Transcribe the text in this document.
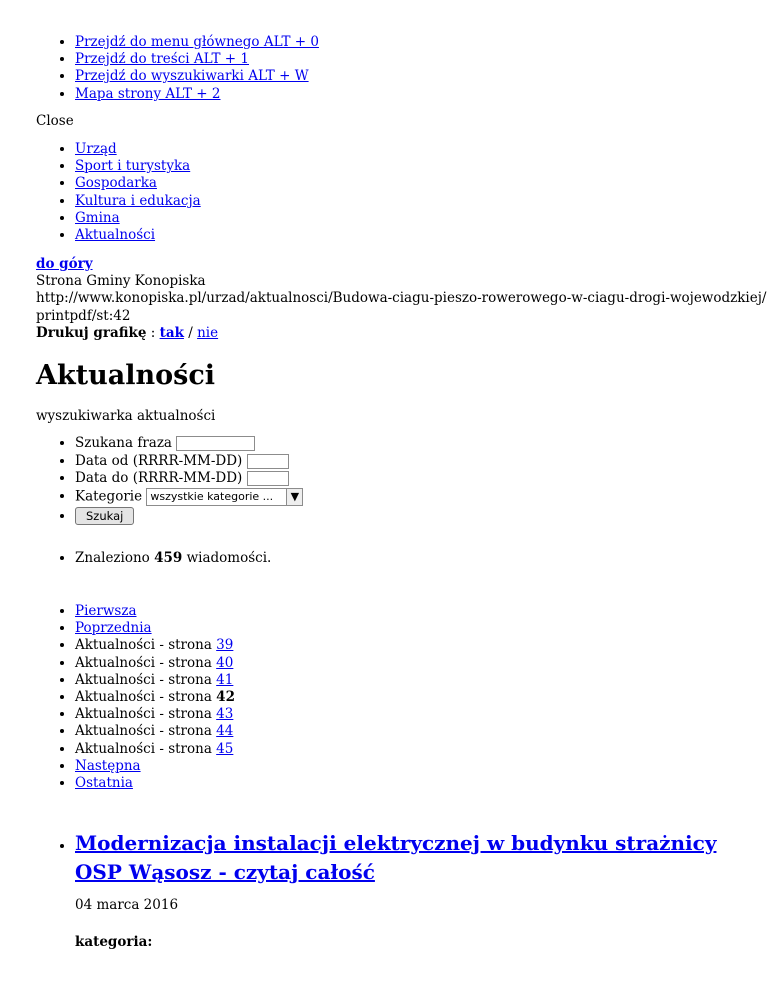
• Przejdź do menu głównego ALT + 0
• Przejdź do treści ALT + 1
• Przejdź do wyszukiwarki ALT + W
• Mapa strony ALT + 2
Close
• Urząd
• Sport i turystyka
• Gospodarka
• Kultura i edukacja
• Gmina
• Aktualności
do góry
Strona Gminy Konopiska
http://www.konopiska.pl/urzad/aktualnosci/Budowa-ciagu-pieszo-rowerowego-w-ciagu-drogi-wojewodzkiej/
printpdf/st:42
Drukuj grafikę : tak / nie
Aktualności
wyszukiwarka aktualności
• Szukana fraza
• Data od (RRRR-MM-DD)
• Data do (RRRR-MM-DD)
• Kategorie wszystkie kategorie ...	▼
• Szukaj
• Znaleziono 459 wiadomości.
• Pierwsza
• Poprzednia
• Aktualności - strona 39
• Aktualności - strona 40
• Aktualności - strona 41
• Aktualności - strona 42
• Aktualności - strona 43
• Aktualności - strona 44
• Aktualności - strona 45
• Następna
• Ostatnia
• Modernizacja instalacji elektrycznej w budynku strażnicy
OSP Wąsosz - czytaj całość
04 marca 2016
kategoria:
